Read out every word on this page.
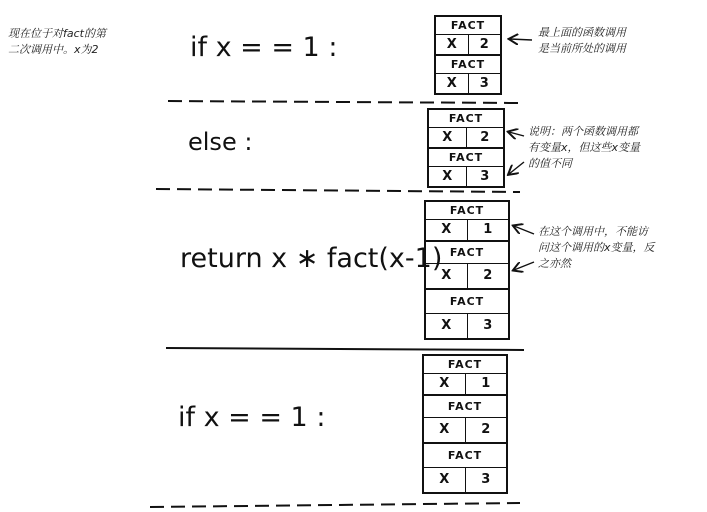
现在位于对fact的第
二次调用中。x为2	if x = = 1 :
else :
return x ∗ fact(x-1)
if x = = 1 :
FACT
X	2
FACT
X	3
FACT
X	2
FACT
X	3
FACT
X	1
FACT
X	2
FACT
X	3
FACT
X	1
FACT
X	2
FACT
X	3
最上面的函数调用
是当前所处的调用
说明：两个函数调用都
有变量x，但这些x变量
的值不同
在这个调用中，不能访
问这个调用的x变量，反
之亦然
